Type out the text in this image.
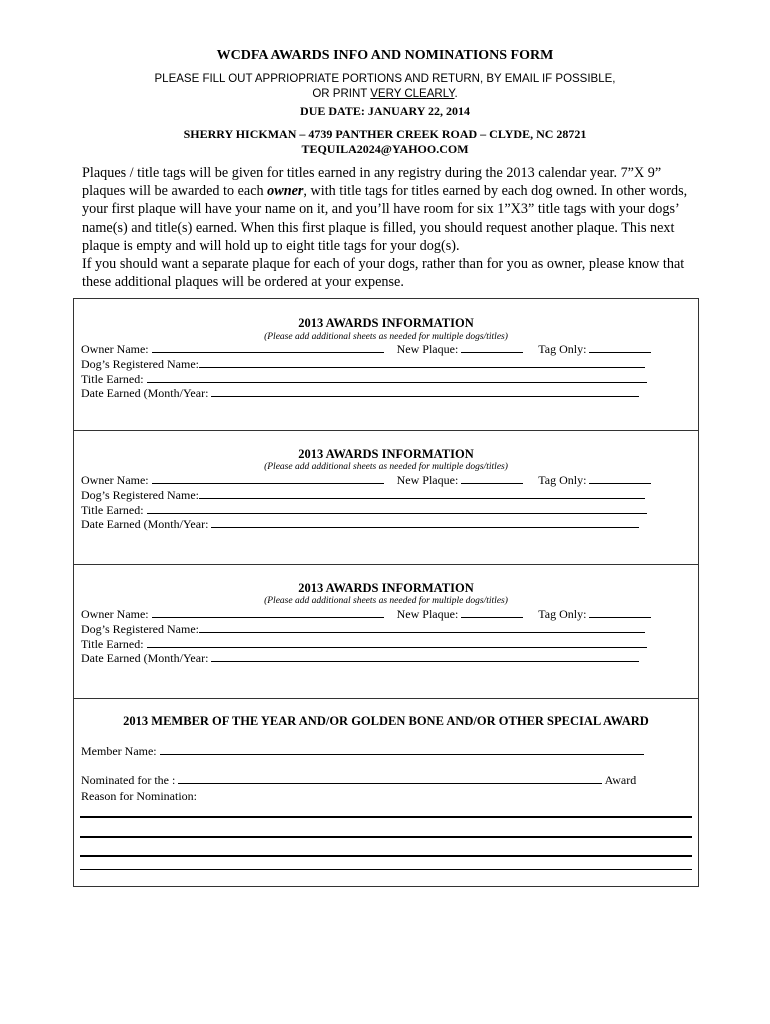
WCDFA AWARDS INFO AND NOMINATIONS FORM
PLEASE FILL OUT APPRIOPRIATE PORTIONS AND RETURN, BY EMAIL IF POSSIBLE,
OR PRINT VERY CLEARLY.
DUE DATE: JANUARY 22, 2014
SHERRY HICKMAN – 4739 PANTHER CREEK ROAD – CLYDE, NC 28721
TEQUILA2024@YAHOO.COM

Plaques / title tags will be given for titles earned in any registry during the 2013 calendar year. 7”X 9” plaques will be awarded to each owner, with title tags for titles earned by each dog owned. In other words, your first plaque will have your name on it, and you’ll have room for six 1”X3” title tags with your dogs’ name(s) and title(s) earned. When this first plaque is filled, you should request another plaque. This next plaque is empty and will hold up to eight title tags for your dog(s).

If you should want a separate plaque for each of your dogs, rather than for you as owner, please know that these additional plaques will be ordered at your expense.

2013 AWARDS INFORMATION
(Please add additional sheets as needed for multiple dogs/titles)
Owner Name:	New Plaque:	Tag Only:
Dog’s Registered Name:
Title Earned:
Date Earned (Month/Year:
2013 AWARDS INFORMATION
(Please add additional sheets as needed for multiple dogs/titles)
Owner Name:	New Plaque:	Tag Only:
Dog’s Registered Name:
Title Earned:
Date Earned (Month/Year:
2013 AWARDS INFORMATION
(Please add additional sheets as needed for multiple dogs/titles)
Owner Name:	New Plaque:	Tag Only:
Dog’s Registered Name:
Title Earned:
Date Earned (Month/Year:
2013 MEMBER OF THE YEAR AND/OR GOLDEN BONE AND/OR OTHER SPECIAL AWARD
Member Name:
Nominated for the :	Award
Reason for Nomination:
